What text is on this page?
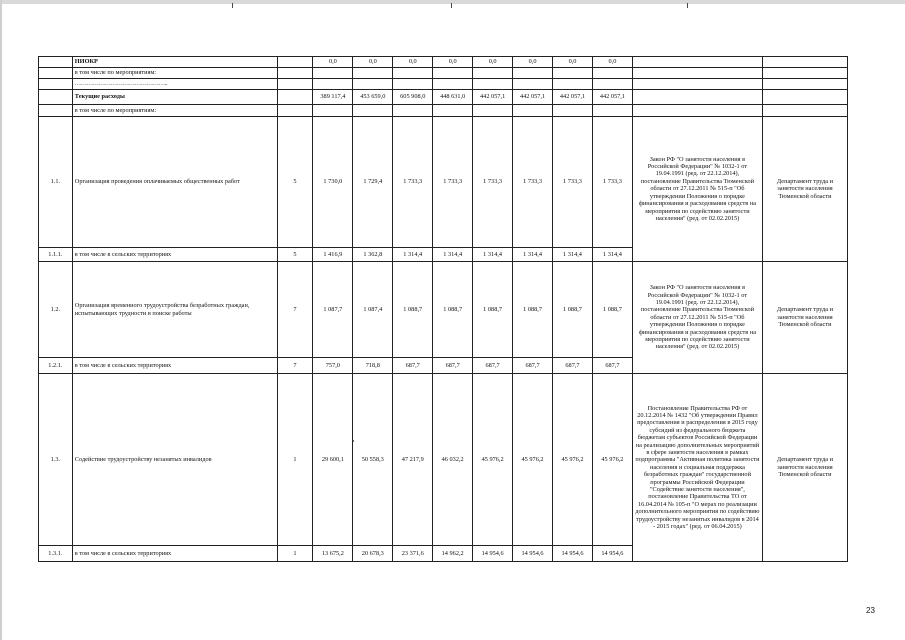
	НИОКР		0,0	0,0	0,0	0,0	0,0	0,0	0,0	0,0		
	в том числе по мероприятиям:											
	………………………………………..											
	Текущие расходы		389 117,4	453 659,0	605 908,0	448 631,0	442 057,1	442 057,1	442 057,1	442 057,1		
	в том числе по мероприятиям:											
1.1.	Организация проведения оплачиваемых общественных работ	5	1 730,0	1 729,4	1 733,3	1 733,3	1 733,3	1 733,3	1 733,3	1 733,3	Закон РФ "О занятости населения в Российской Федерации" № 1032-1 от 19.04.1991 (ред. от 22.12.2014), постановление Правительства Тюменской области от 27.12.2011 № 515-п "Об утверждении Положения о порядке финансирования и расходования средств на мероприятия по содействию занятости населения" (ред. от 02.02.2015)	Департамент труда и занятости населения Тюменской области
1.1.1.	в том числе в сельских территориях	5	1 416,9	1 362,8	1 314,4	1 314,4	1 314,4	1 314,4	1 314,4	1 314,4		
1.2.	Организация временного трудоустройства безработных граждан, испытывающих трудности в поиске работы	7	1 087,7	1 087,4	1 088,7	1 088,7	1 088,7	1 088,7	1 088,7	1 088,7	Закон РФ "О занятости населения в Российской Федерации" № 1032-1 от 19.04.1991 (ред. от 22.12.2014), постановление Правительства Тюменской области от 27.12.2011 № 515-п "Об утверждении Положения о порядке финансирования и расходования средств на мероприятия по содействию занятости населения" (ред. от 02.02.2015)	Департамент труда и занятости населения Тюменской области
1.2.1.	в том числе в сельских территориях	7	757,0	718,8	687,7	687,7	687,7	687,7	687,7	687,7		
1.3.	Содействие трудоустройству незанятых инвалидов	1	29 600,1	50 558,3	47 217,9	46 032,2	45 976,2	45 976,2	45 976,2	45 976,2	Постановление Правительства РФ от 20.12.2014 № 1432 "Об утверждении Правил предоставления и распределения в 2015 году субсидий из федерального бюджета бюджетам субъектов Российской Федерации на реализацию дополнительных мероприятий в сфере занятости населения в рамках подпрограммы "Активная политика занятости населения и социальная поддержка безработных граждан" государственной программы Российской Федерации "Содействие занятости населения", постановление Правительства ТО от 16.04.2014 № 105-п "О мерах по реализации дополнительного мероприятия по содействию трудоустройству незанятых инвалидов в 2014 - 2015 годах" (ред. от 06.04.2015)	Департамент труда и занятости населения Тюменской области
1.3.1.	в том числе в сельских территориях	1	13 675,2	20 678,3	23 371,6	14 962,2	14 954,6	14 954,6	14 954,6	14 954,6		
23
